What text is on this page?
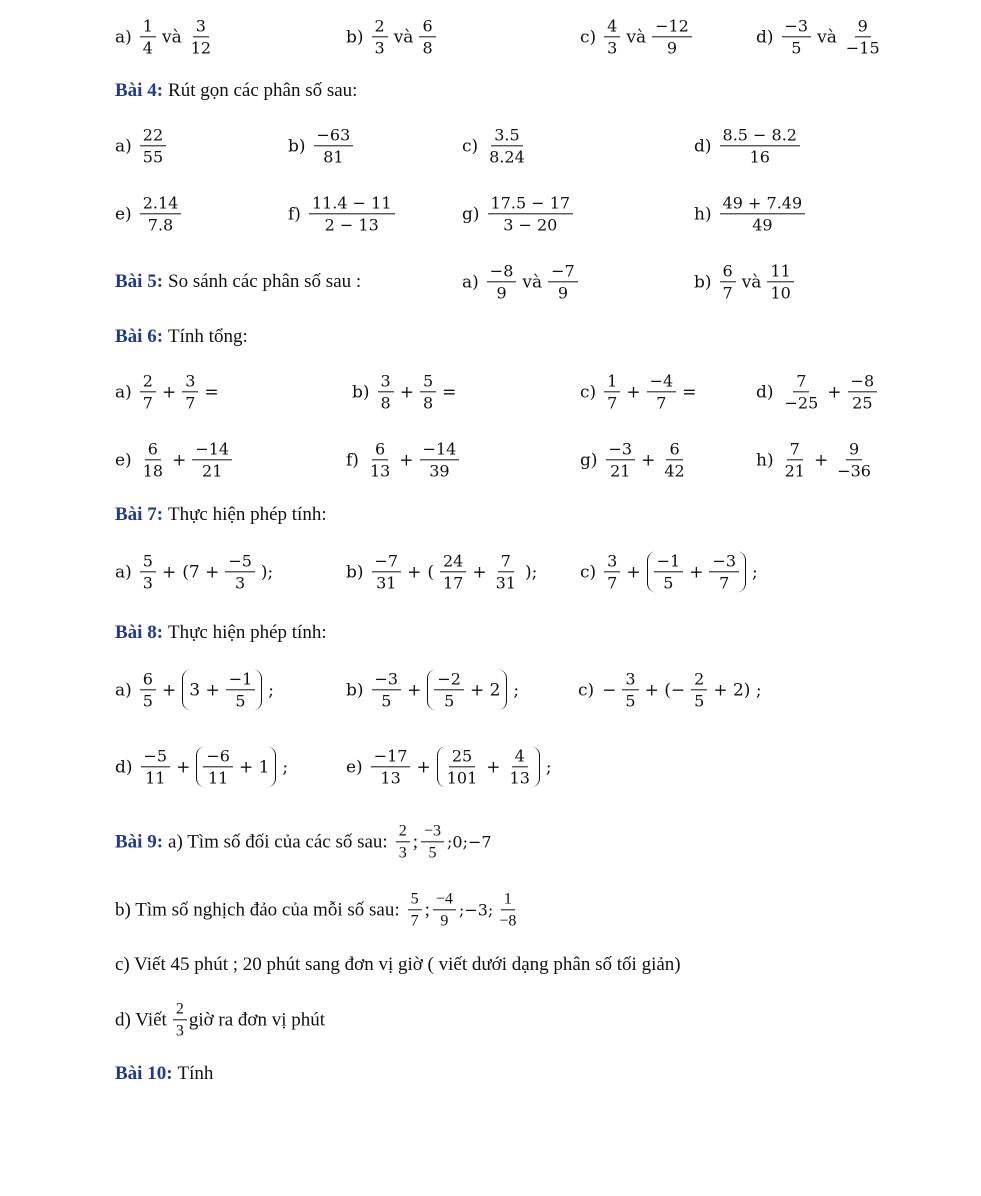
$a) \frac{1}{4}$ và $\frac{3}{12}$	$b) \frac{2}{3}$ và $\frac{6}{8}$	$c) \frac{4}{3}$ và $\frac{-12}{9}$	$d) \frac{-3}{5}$ và $\frac{9}{-15}$
Bài 4: Rút gọn các phân số sau:
$a) \frac{22}{55}$	$b) \frac{-63}{81}$	$c) \frac{3.5}{8.24}$	$d) \frac{8.5 - 8.2}{16}$
$e) \frac{2.14}{7.8}$	$f) \frac{11.4 - 11}{2 - 13}$	$g) \frac{17.5 - 17}{3 - 20}$	$h) \frac{49 + 7.49}{49}$
Bài 5: So sánh các phân số sau :	$a) \frac{-8}{9}$ và $\frac{-7}{9}$	$b) \frac{6}{7}$ và $\frac{11}{10}$
Bài 6: Tính tổng:
$a) \frac{2}{7} + \frac{3}{7}$ =	$b) \frac{3}{8} + \frac{5}{8}$ =	$c) \frac{1}{7} + \frac{-4}{7}$ =	$d) \frac{7}{-25} + \frac{-8}{25}$
$e) \frac{6}{18} + \frac{-14}{21}$	$f) \frac{6}{13} + \frac{-14}{39}$	$g) \frac{-3}{21} + \frac{6}{42}$	$h) \frac{7}{21} + \frac{9}{-36}$
Bài 7: Thực hiện phép tính:
$a) \frac{5}{3} + (7 + \frac{-5}{3}$ );	$b) \frac{-7}{31}$ + ( $\frac{24}{17} + \frac{7}{31}$ );	$c) \frac{3}{7} + \frac{-1}{5} + \frac{-3}{7}$ ;
Bài 8: Thực hiện phép tính:
$a) \frac{6}{5} + 3 + \frac{-1}{5}$ ;	$b) \frac{-3}{5} + \frac{-2}{5} + 2$ ;	$c) - \frac{3}{5}$ + (− $\frac{2}{5} + 2$) ;
$d) \frac{-5}{11} + \frac{-6}{11} + 1$ ;	$e) \frac{-17}{13} + \frac{25}{101} + \frac{4}{13}$ ;
Bài 9: a) Tìm số đối của các số sau: $\frac{2}{3}$ ; $\frac{-3}{5}$ ;0;−7
b) Tìm số nghịch đảo của mỗi số sau: $\frac{5}{7}$ ; $\frac{-4}{9}$ ;−3; $\frac{1}{-8}$
c) Viết 45 phút ; 20 phút sang đơn vị giờ ( viết dưới dạng phân số tối giản)
d) Viết $\frac{2}{3}$ giờ ra đơn vị phút
Bài 10: Tính
